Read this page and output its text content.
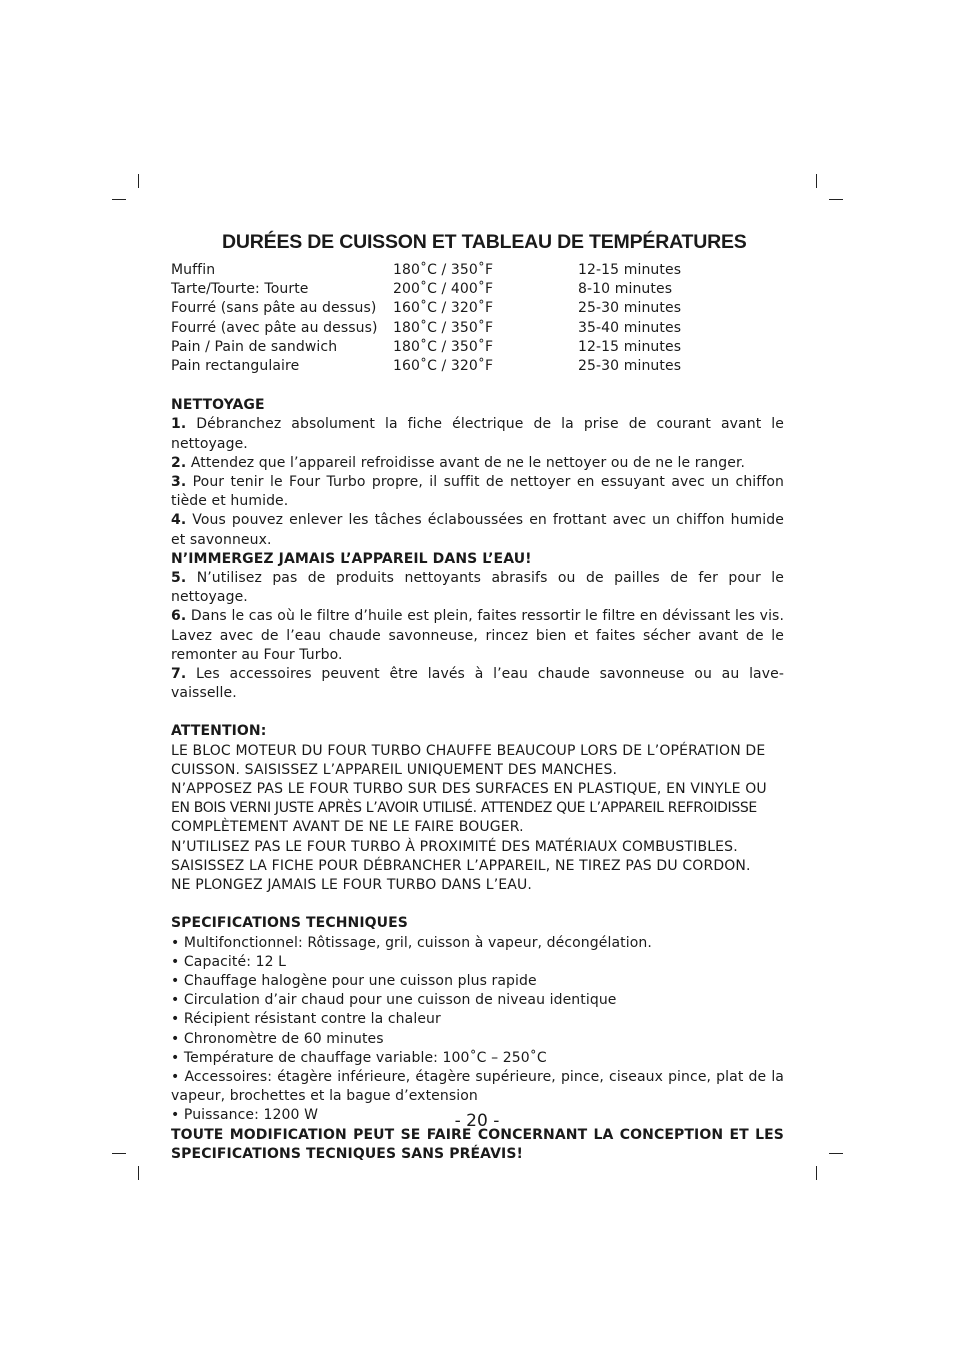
DURÉES DE CUISSON ET TABLEAU DE TEMPÉRATURES
Muffin	180˚C / 350˚F	12-15 minutes
Tarte/Tourte: Tourte	200˚C / 400˚F	8-10 minutes
Fourré (sans pâte au dessus)	160˚C / 320˚F	25-30 minutes
Fourré (avec pâte au dessus)	180˚C / 350˚F	35-40 minutes
Pain / Pain de sandwich	180˚C / 350˚F	12-15 minutes
Pain rectangulaire	160˚C / 320˚F	25-30 minutes
NETTOYAGE

1. Débranchez absolument la fiche électrique de la prise de courant avant le nettoyage.

2. Attendez que l’appareil refroidisse avant de ne le nettoyer ou de ne le ranger.

3. Pour tenir le Four Turbo propre, il suffit de nettoyer en essuyant avec un chiffon tiède et humide.

4. Vous pouvez enlever les tâches éclaboussées en frottant avec un chiffon humide et savonneux.

N’IMMERGEZ JAMAIS L’APPAREIL DANS L’EAU!

5. N’utilisez pas de produits nettoyants abrasifs ou de pailles de fer pour le nettoyage.

6. Dans le cas où le filtre d’huile est plein, faites ressortir le filtre en dévissant les vis. Lavez avec de l’eau chaude savonneuse, rincez bien et faites sécher avant de le remonter au Four Turbo.

7. Les accessoires peuvent être lavés à l’eau chaude savonneuse ou au lave-vaisselle.

ATTENTION:
LE BLOC MOTEUR DU FOUR TURBO CHAUFFE BEAUCOUP LORS DE L’OPÉRATION DE
CUISSON. SAISISSEZ L’APPAREIL UNIQUEMENT DES MANCHES.
N’APPOSEZ PAS LE FOUR TURBO SUR DES SURFACES EN PLASTIQUE, EN VINYLE OU
EN BOIS VERNI JUSTE APRÈS L’AVOIR UTILISÉ. ATTENDEZ QUE L’APPAREIL REFROIDISSE
COMPLÈTEMENT AVANT DE NE LE FAIRE BOUGER.
N’UTILISEZ PAS LE FOUR TURBO À PROXIMITÉ DES MATÉRIAUX COMBUSTIBLES.
SAISISSEZ LA FICHE POUR DÉBRANCHER L’APPAREIL, NE TIREZ PAS DU CORDON.
NE PLONGEZ JAMAIS LE FOUR TURBO DANS L’EAU.
SPECIFICATIONS TECHNIQUES
• Multifonctionnel: Rôtissage, gril, cuisson à vapeur, décongélation.
• Capacité: 12 L
• Chauffage halogène pour une cuisson plus rapide
• Circulation d’air chaud pour une cuisson de niveau identique
• Récipient résistant contre la chaleur
• Chronomètre de 60 minutes
• Température de chauffage variable: 100˚C – 250˚C
• Accessoires: étagère inférieure, étagère supérieure, pince, ciseaux pince, plat de la vapeur, brochettes et la bague d’extension
• Puissance: 1200 W
TOUTE MODIFICATION PEUT SE FAIRE CONCERNANT LA CONCEPTION ET LES SPECIFICATIONS TECNIQUES SANS PRÉAVIS!
- 20 -
